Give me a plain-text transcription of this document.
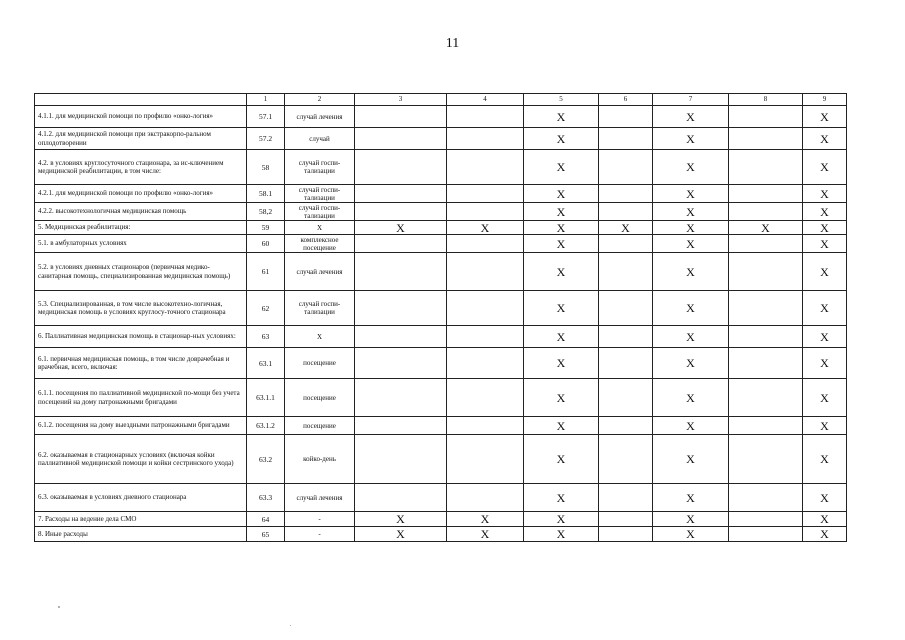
11
	1	2	3	4	5	6	7	8	9
4.1.1. для медицинской помощи по профилю «онко-логия»	57.1	случай лечения			X		X		X
4.1.2. для медицинской помощи при экстракорпо-ральном оплодотворении	57.2	случай			X		X		X
4.2. в условиях круглосуточного стационара, за ис-ключением медицинской реабилитации, в том числе:	58	случай госпи-тализации			X		X		X
4.2.1. для медицинской помощи по профилю «онко-логия»	58.1	случай госпи-тализации			X		X		X
4.2.2. высокотехнологичная медицинская помощь	58,2	случай госпи-тализации			X		X		X
5. Медицинская реабилитация:	59	X	X	X	X	X	X	X	X
5.1. в амбулаторных условиях	60	комплексное посещение			X		X		X
5.2. в условиях дневных стационаров (первичная медико-санитарная помощь, специализированная медицинская помощь)	61	случай лечения			X		X		X
5.3. Специализированная, в том числе высокотехно-логичная, медицинская помощь в условиях круглосу-точного стационара	62	случай госпи-тализации			X		X		X
6. Паллиативная медицинская помощь в стационар-ных условиях:	63	X			X		X		X
6.1. первичная медицинская помощь, в том числе доврачебная и врачебная, всего, включая:	63.1	посещение			X		X		X
6.1.1. посещения по паллиативной медицинской по-мощи без учета посещений на дому патронажными бригадами	63.1.1	посещение			X		X		X
6.1.2. посещения на дому выездными патронажными бригадами	63.1.2	посещение			X		X		X
6.2. оказываемая в стационарных условиях (включая койки паллиативной медицинской помощи и койки сестринского ухода)	63.2	койко-день			X		X		X
6.3. оказываемая в условиях дневного стационара	63.3	случай лечения			X		X		X
7. Расходы на ведение дела СМО	64	-	X	X	X		X		X
8. Иные расходы	65	-	X	X	X		X		X
